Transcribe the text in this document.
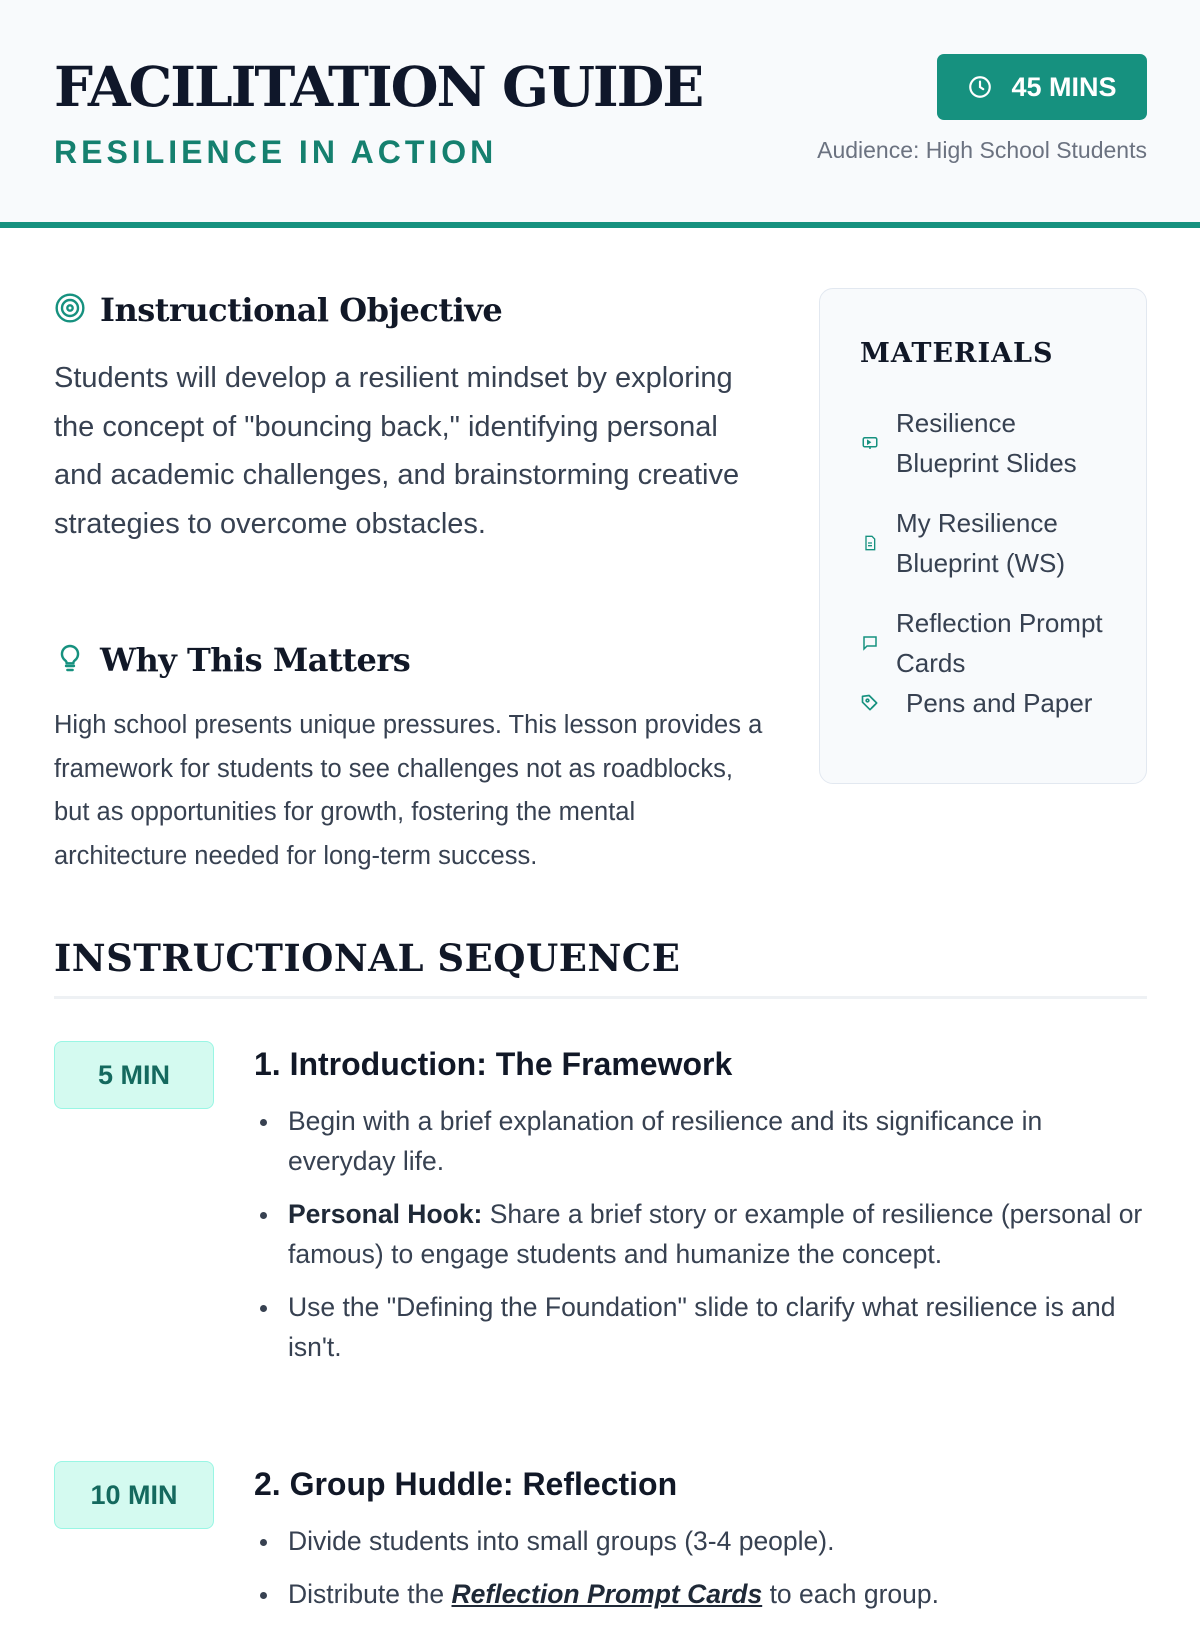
FACILITATION GUIDE
RESILIENCE IN ACTION
45 MINS
Audience: High School Students
Instructional Objective

Students will develop a resilient mindset by exploring the concept of "bouncing back," identifying personal and academic challenges, and brainstorming creative strategies to overcome obstacles.

Why This Matters

High school presents unique pressures. This lesson provides a framework for students to see challenges not as roadblocks, but as opportunities for growth, fostering the mental architecture needed for long-term success.

MATERIALS
Resilience Blueprint Slides
My Resilience Blueprint (WS)
Reflection Prompt Cards
Pens and Paper
INSTRUCTIONAL SEQUENCE
5 MIN	1. Introduction: The Framework
Begin with a brief explanation of resilience and its significance in everyday life.
Personal Hook: Share a brief story or example of resilience (personal or famous) to engage students and humanize the concept.
Use the "Defining the Foundation" slide to clarify what resilience is and isn't.
10 MIN	2. Group Huddle: Reflection
Divide students into small groups (3-4 people).
Distribute the Reflection Prompt Cards to each group.
